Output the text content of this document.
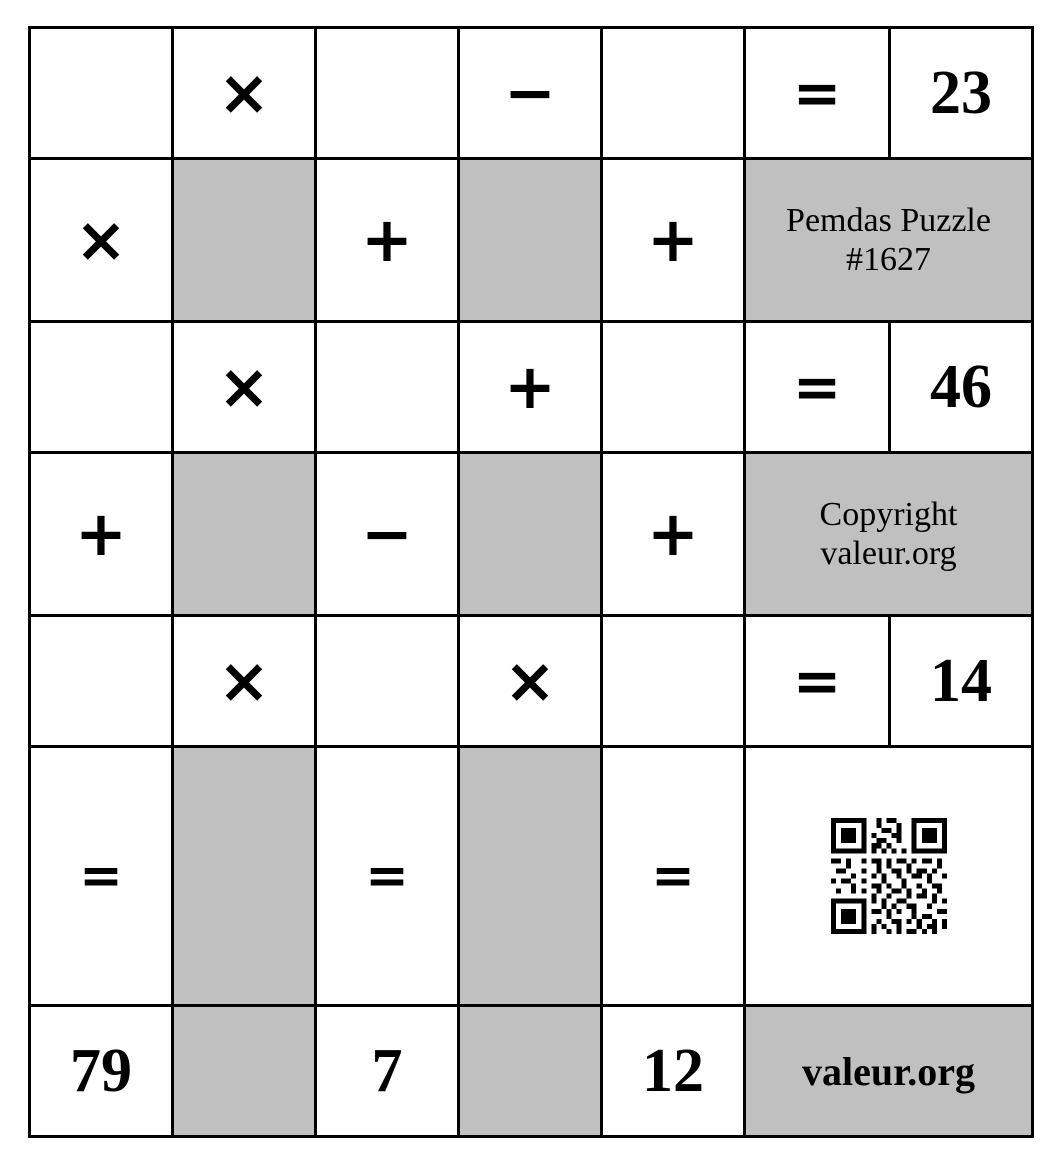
	×		−		=	23
×		+		+	Pemdas Puzzle
#1627	

	×		+		=	46
+		−		+	Copyright
valeur.org	

	×		×		=	14
=		=		=	

79		7		12	valeur.org	
